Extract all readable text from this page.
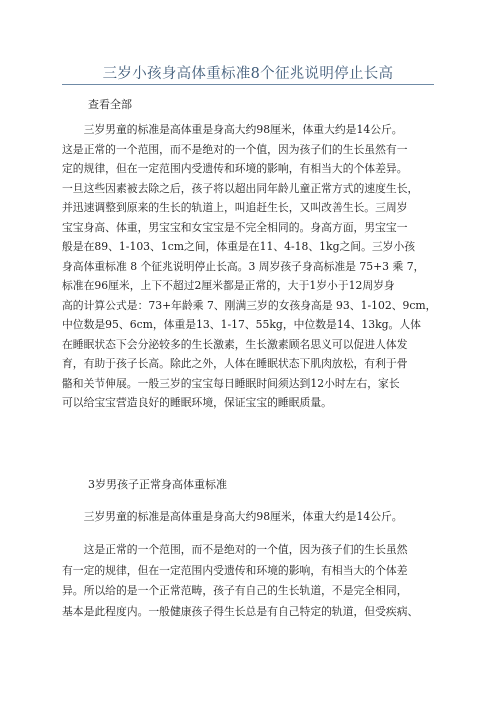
三岁小孩身高体重标准8个征兆说明停止长高
查看全部
　　三岁男童的标准是高体重是身高大约98厘米，体重大约是14公斤。
这是正常的一个范围，而不是绝对的一个值，因为孩子们的生长虽然有一
定的规律，但在一定范围内受遗传和环境的影响，有相当大的个体差异。
一旦这些因素被去除之后，孩子将以超出同年龄儿童正常方式的速度生长，
并迅速调整到原来的生长的轨道上，叫追赶生长，又叫改善生长。三周岁
宝宝身高、体重，男宝宝和女宝宝是不完全相同的。身高方面，男宝宝一
般是在89、1-103、1cm之间，体重是在11、4-18、1kg之间。三岁小孩
身高体重标准 8 个征兆说明停止长高。3 周岁孩子身高标准是 75+3 乘 7，
标准在96厘米，上下不超过2厘米都是正常的，大于1岁小于12周岁身
高的计算公式是：73+年龄乘 7、刚满三岁的女孩身高是 93、1-102、9cm，
中位数是95、6cm，体重是13、1-17、55kg，中位数是14、13kg。人体
在睡眠状态下会分泌较多的生长激素，生长激素顾名思义可以促进人体发
育，有助于孩子长高。除此之外，人体在睡眠状态下肌肉放松，有利于骨
骼和关节伸展。一般三岁的宝宝每日睡眠时间须达到12小时左右，家长
可以给宝宝营造良好的睡眠环境，保证宝宝的睡眠质量。
3岁男孩子正常身高体重标准
　　三岁男童的标准是高体重是身高大约98厘米，体重大约是14公斤。
　　这是正常的一个范围，而不是绝对的一个值，因为孩子们的生长虽然
有一定的规律，但在一定范围内受遗传和环境的影响，有相当大的个体差
异。所以给的是一个正常范畴，孩子有自己的生长轨道，不是完全相同，
基本是此程度内。一般健康孩子得生长总是有自己特定的轨道，但受疾病、
